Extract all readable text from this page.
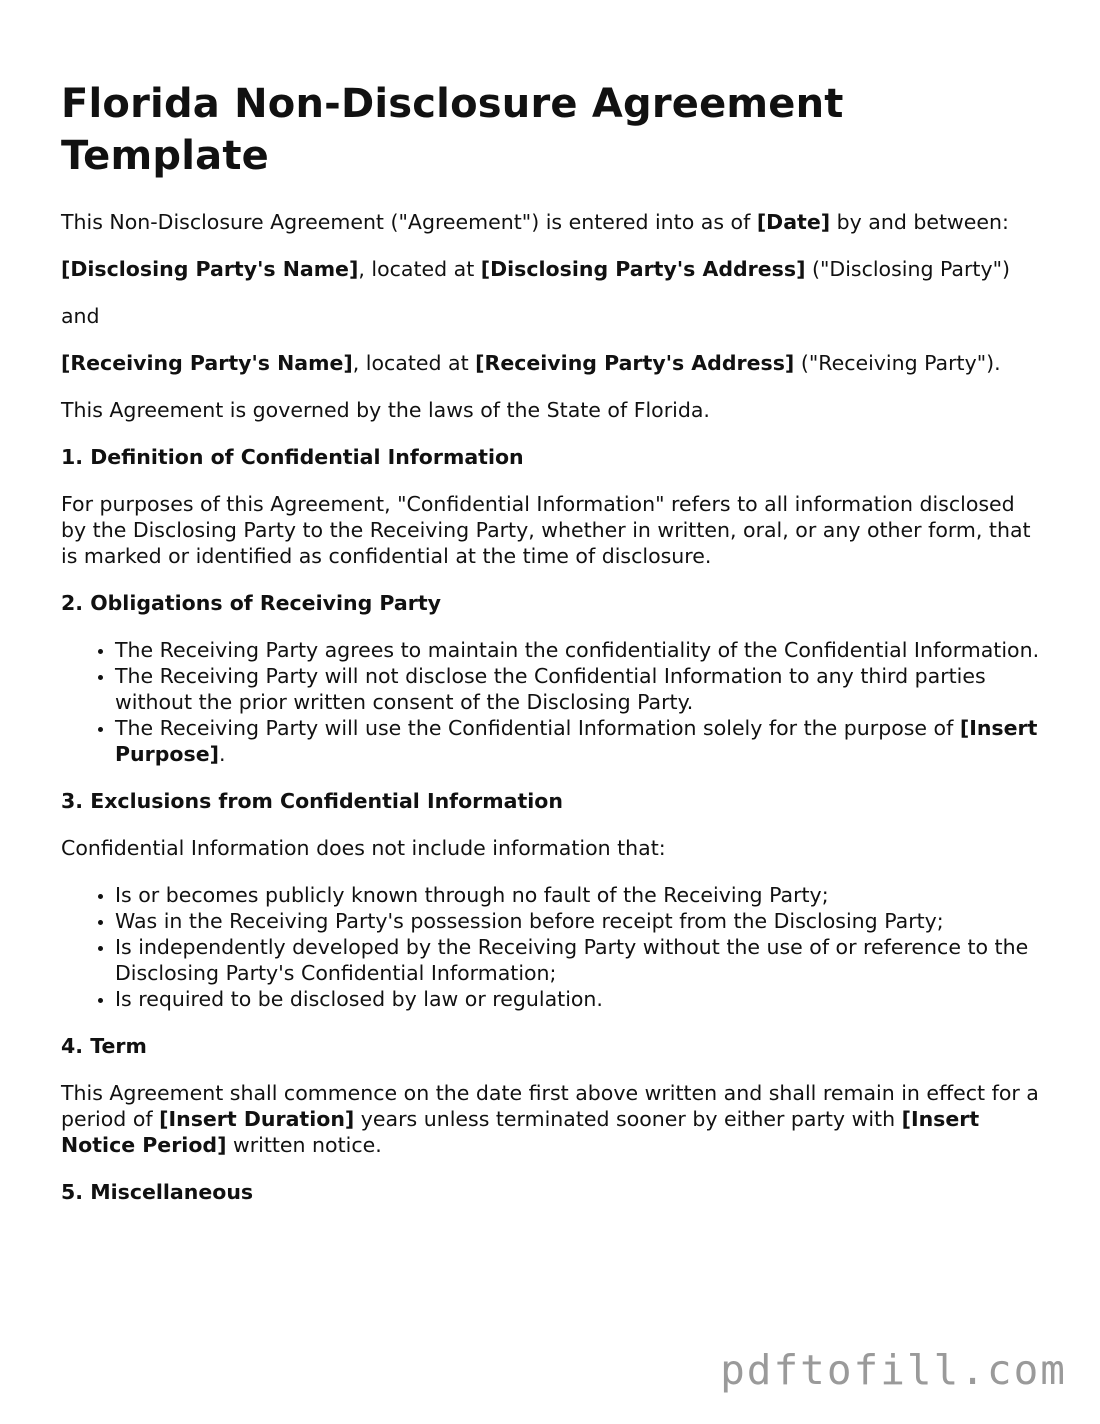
Florida Non-Disclosure Agreement Template

This Non-Disclosure Agreement ("Agreement") is entered into as of [Date] by and between:

[Disclosing Party's Name], located at [Disclosing Party's Address] ("Disclosing Party")

and

[Receiving Party's Name], located at [Receiving Party's Address] ("Receiving Party").

This Agreement is governed by the laws of the State of Florida.

1. Definition of Confidential Information

For purposes of this Agreement, "Confidential Information" refers to all information disclosed by the Disclosing Party to the Receiving Party, whether in written, oral, or any other form, that is marked or identified as confidential at the time of disclosure.

2. Obligations of Receiving Party
• The Receiving Party agrees to maintain the confidentiality of the Confidential Information.
• The Receiving Party will not disclose the Confidential Information to any third parties without the prior written consent of the Disclosing Party.
• The Receiving Party will use the Confidential Information solely for the purpose of [Insert Purpose].
3. Exclusions from Confidential Information

Confidential Information does not include information that:

• Is or becomes publicly known through no fault of the Receiving Party;
• Was in the Receiving Party's possession before receipt from the Disclosing Party;
• Is independently developed by the Receiving Party without the use of or reference to the Disclosing Party's Confidential Information;
• Is required to be disclosed by law or regulation.
4. Term

This Agreement shall commence on the date first above written and shall remain in effect for a period of [Insert Duration] years unless terminated sooner by either party with [Insert Notice Period] written notice.

5. Miscellaneous
pdftofill.com
